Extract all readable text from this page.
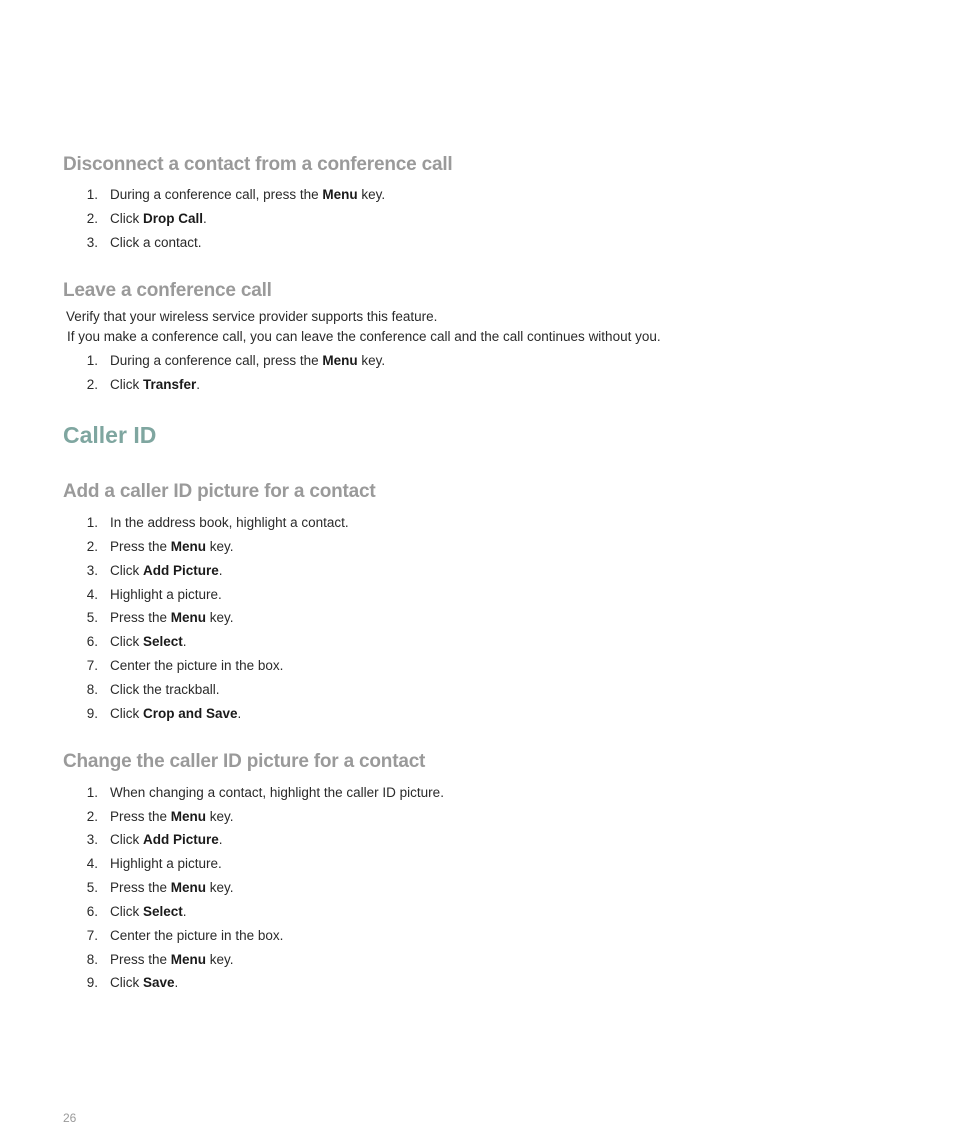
Disconnect a contact from a conference call
1. During a conference call, press the Menu key.
2. Click Drop Call.
3. Click a contact.
Leave a conference call
Verify that your wireless service provider supports this feature.
If you make a conference call, you can leave the conference call and the call continues without you.
1. During a conference call, press the Menu key.
2. Click Transfer.
Caller ID
Add a caller ID picture for a contact
1. In the address book, highlight a contact.
2. Press the Menu key.
3. Click Add Picture.
4. Highlight a picture.
5. Press the Menu key.
6. Click Select.
7. Center the picture in the box.
8. Click the trackball.
9. Click Crop and Save.
Change the caller ID picture for a contact
1. When changing a contact, highlight the caller ID picture.
2. Press the Menu key.
3. Click Add Picture.
4. Highlight a picture.
5. Press the Menu key.
6. Click Select.
7. Center the picture in the box.
8. Press the Menu key.
9. Click Save.
26
